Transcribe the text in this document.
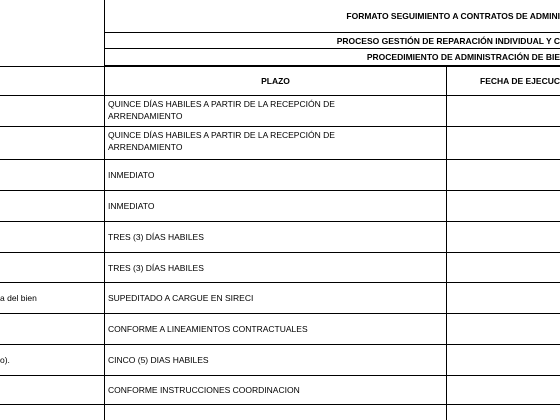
FORMATO SEGUIMIENTO A CONTRATOS DE ADMINI
PROCESO GESTIÓN DE REPARACIÓN INDIVIDUAL Y C
PROCEDIMIENTO DE ADMINISTRACIÓN DE BIE
PLAZO	FECHA DE EJECUC
QUINCE DÍAS HABILES A PARTIR DE LA RECEPCIÓN DE ARRENDAMIENTO
QUINCE DÍAS HABILES A PARTIR DE LA RECEPCIÓN DE ARRENDAMIENTO
INMEDIATO
INMEDIATO
TRES (3) DÍAS HABILES
TRES (3) DÍAS HABILES
SUPEDITADO A CARGUE EN SIRECI
CONFORME A LINEAMIENTOS CONTRACTUALES
CINCO (5) DIAS HABILES
CONFORME INSTRUCCIONES COORDINACION
a del bien
o).
